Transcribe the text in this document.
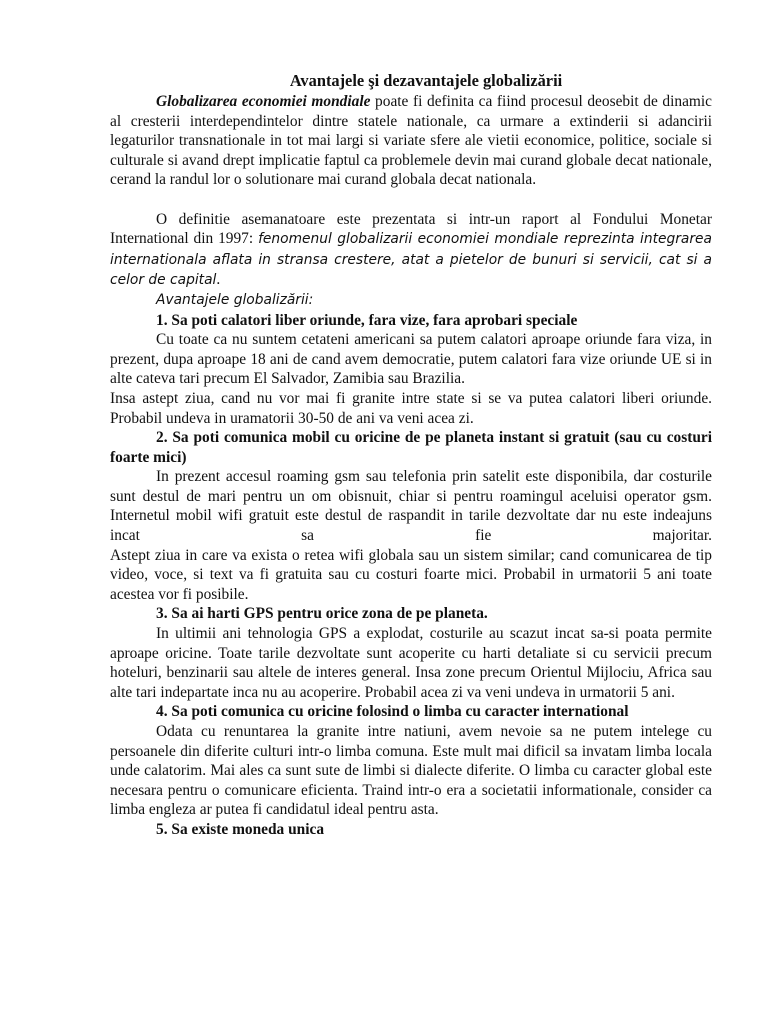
Avantajele şi dezavantajele globalizării

Globalizarea economiei mondiale poate fi definita ca fiind procesul deosebit de dinamic al cresterii interdependintelor dintre statele nationale, ca urmare a extinderii si adancirii legaturilor transnationale in tot mai largi si variate sfere ale vietii economice, politice, sociale si culturale si avand drept implicatie faptul ca problemele devin mai curand globale decat nationale, cerand la randul lor o solutionare mai curand globala decat nationala.

O definitie asemanatoare este prezentata si intr-un raport al Fondului Monetar International din 1997: fenomenul globalizarii economiei mondiale reprezinta integrarea internationala aflata in stransa crestere, atat a pietelor de bunuri si servicii, cat si a celor de capital.

Avantajele globalizării:

1. Sa poti calatori liber oriunde, fara vize, fara aprobari speciale

Cu toate ca nu suntem cetateni americani sa putem calatori aproape oriunde fara viza, in prezent, dupa aproape 18 ani de cand avem democratie, putem calatori fara vize oriunde UE si in alte cateva tari precum El Salvador, Zamibia sau Brazilia.

Insa astept ziua, cand nu vor mai fi granite intre state si se va putea calatori liberi oriunde. Probabil undeva in uramatorii 30-50 de ani va veni acea zi.

2. Sa poti comunica mobil cu oricine de pe planeta instant si gratuit (sau cu costuri foarte mici)

In prezent accesul roaming gsm sau telefonia prin satelit este disponibila, dar costurile sunt destul de mari pentru un om obisnuit, chiar si pentru roamingul aceluisi operator gsm. Internetul mobil wifi gratuit este destul de raspandit in tarile dezvoltate dar nu este indeajuns incat sa fie majoritar.

Astept ziua in care va exista o retea wifi globala sau un sistem similar; cand comunicarea de tip video, voce, si text va fi gratuita sau cu costuri foarte mici. Probabil in urmatorii 5 ani toate acestea vor fi posibile.

3. Sa ai harti GPS pentru orice zona de pe planeta.

In ultimii ani tehnologia GPS a explodat, costurile au scazut incat sa-si poata permite aproape oricine. Toate tarile dezvoltate sunt acoperite cu harti detaliate si cu servicii precum hoteluri, benzinarii sau altele de interes general. Insa zone precum Orientul Mijlociu, Africa sau alte tari indepartate inca nu au acoperire. Probabil acea zi va veni undeva in urmatorii 5 ani.

4. Sa poti comunica cu oricine folosind o limba cu caracter international

Odata cu renuntarea la granite intre natiuni, avem nevoie sa ne putem intelege cu persoanele din diferite culturi intr-o limba comuna. Este mult mai dificil sa invatam limba locala unde calatorim. Mai ales ca sunt sute de limbi si dialecte diferite. O limba cu caracter global este necesara pentru o comunicare eficienta. Traind intr-o era a societatii informationale, consider ca limba engleza ar putea fi candidatul ideal pentru asta.

5. Sa existe moneda unica
